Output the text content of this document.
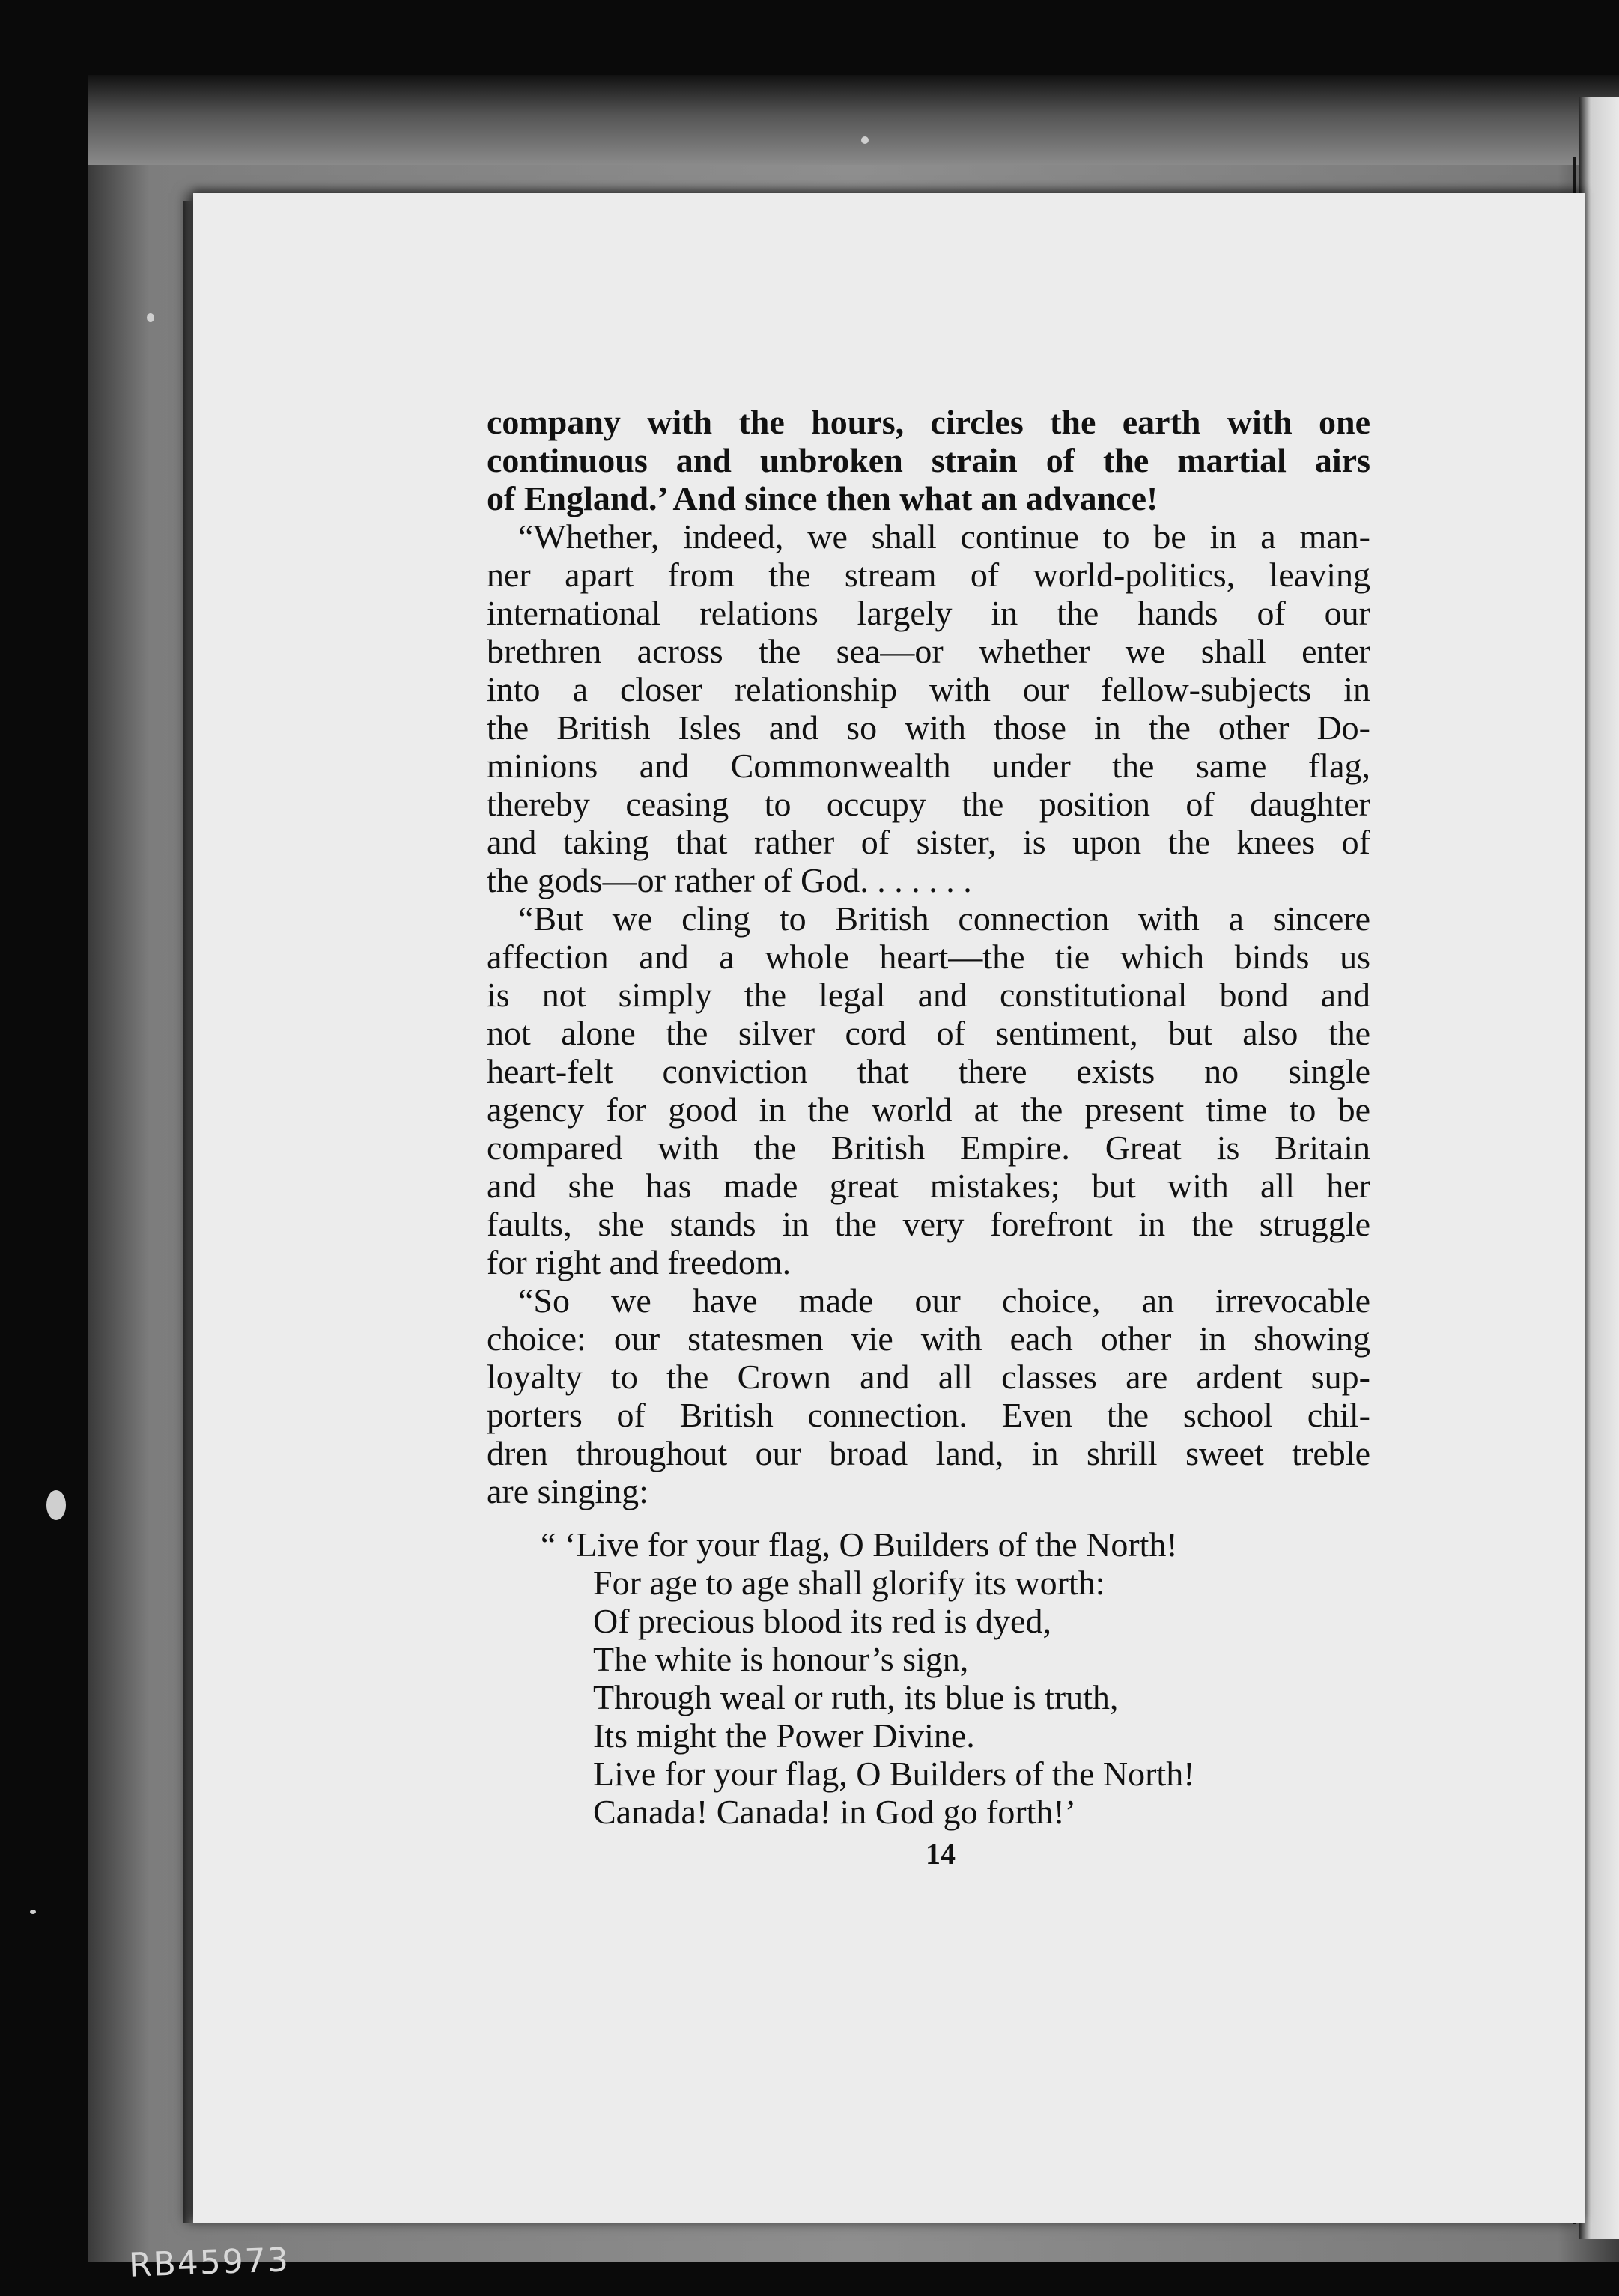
company with the hours, circles the earth with one
continuous and unbroken strain of the martial airs
of England.’ And since then what an advance!
“Whether, indeed, we shall continue to be in a man-
ner apart from the stream of world-politics, leaving
international relations largely in the hands of our
brethren across the sea—or whether we shall enter
into a closer relationship with our fellow-subjects in
the British Isles and so with those in the other Do-
minions and Commonwealth under the same flag,
thereby ceasing to occupy the position of daughter
and taking that rather of sister, is upon the knees of
the gods—or rather of God. . . . . . .
“But we cling to British connection with a sincere
affection and a whole heart—the tie which binds us
is not simply the legal and constitutional bond and
not alone the silver cord of sentiment, but also the
heart-felt conviction that there exists no single
agency for good in the world at the present time to be
compared with the British Empire. Great is Britain
and she has made great mistakes; but with all her
faults, she stands in the very forefront in the struggle
for right and freedom.
“So we have made our choice, an irrevocable
choice: our statesmen vie with each other in showing
loyalty to the Crown and all classes are ardent sup-
porters of British connection. Even the school chil-
dren throughout our broad land, in shrill sweet treble
are singing:
“ ‘Live for your flag, O Builders of the North!
For age to age shall glorify its worth:
Of precious blood its red is dyed,
The white is honour’s sign,
Through weal or ruth, its blue is truth,
Its might the Power Divine.
Live for your flag, O Builders of the North!
Canada! Canada! in God go forth!’
14
RB45973
